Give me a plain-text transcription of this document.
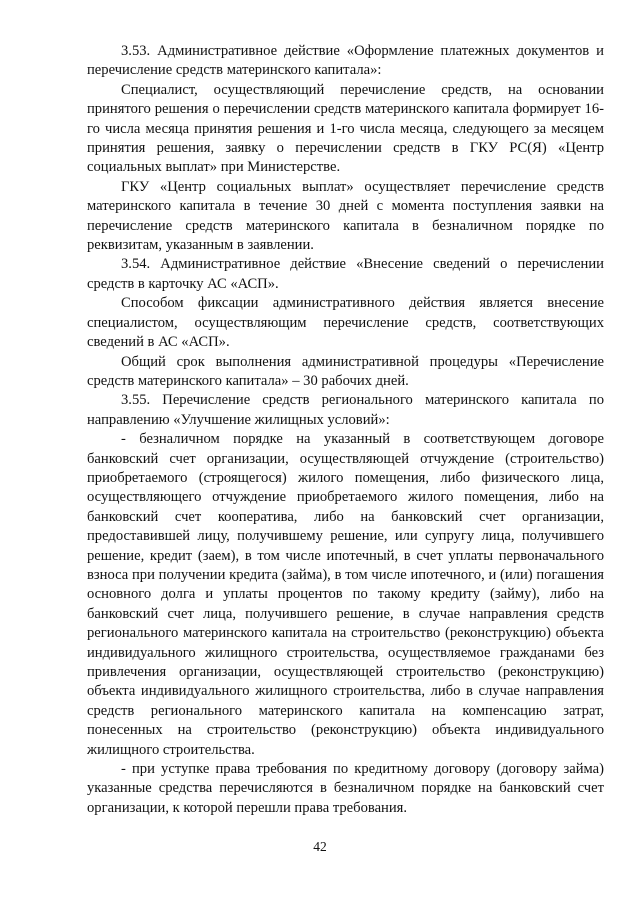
3.53. Административное действие «Оформление платежных документов и перечисление средств материнского капитала»:

Специалист, осуществляющий перечисление средств, на основании принятого решения о перечислении средств материнского капитала формирует 16-го числа месяца принятия решения и 1-го числа месяца, следующего за месяцем принятия решения, заявку о перечислении средств в ГКУ РС(Я) «Центр социальных выплат» при Министерстве.

ГКУ «Центр социальных выплат» осуществляет перечисление средств материнского капитала в течение 30 дней с момента поступления заявки на перечисление средств материнского капитала в безналичном порядке по реквизитам, указанным в заявлении.

3.54. Административное действие «Внесение сведений о перечислении средств в карточку АС «АСП».

Способом фиксации административного действия является внесение специалистом, осуществляющим перечисление средств, соответствующих сведений в АС «АСП».

Общий срок выполнения административной процедуры «Перечисление средств материнского капитала» – 30 рабочих дней.

3.55. Перечисление средств регионального материнского капитала по направлению «Улучшение жилищных условий»:

- безналичном порядке на указанный в соответствующем договоре банковский счет организации, осуществляющей отчуждение (строительство) приобретаемого (строящегося) жилого помещения, либо физического лица, осуществляющего отчуждение приобретаемого жилого помещения, либо на банковский счет кооператива, либо на банковский счет организации, предоставившей лицу, получившему решение, или супругу лица, получившего решение, кредит (заем), в том числе ипотечный, в счет уплаты первоначального взноса при получении кредита (займа), в том числе ипотечного, и (или) погашения основного долга и уплаты процентов по такому кредиту (займу), либо на банковский счет лица, получившего решение, в случае направления средств регионального материнского капитала на строительство (реконструкцию) объекта индивидуального жилищного строительства, осуществляемое гражданами без привлечения организации, осуществляющей строительство (реконструкцию) объекта индивидуального жилищного строительства, либо в случае направления средств регионального материнского капитала на компенсацию затрат, понесенных на строительство (реконструкцию) объекта индивидуального жилищного строительства.

- при уступке права требования по кредитному договору (договору займа) указанные средства перечисляются в безналичном порядке на банковский счет организации, к которой перешли права требования.

42
